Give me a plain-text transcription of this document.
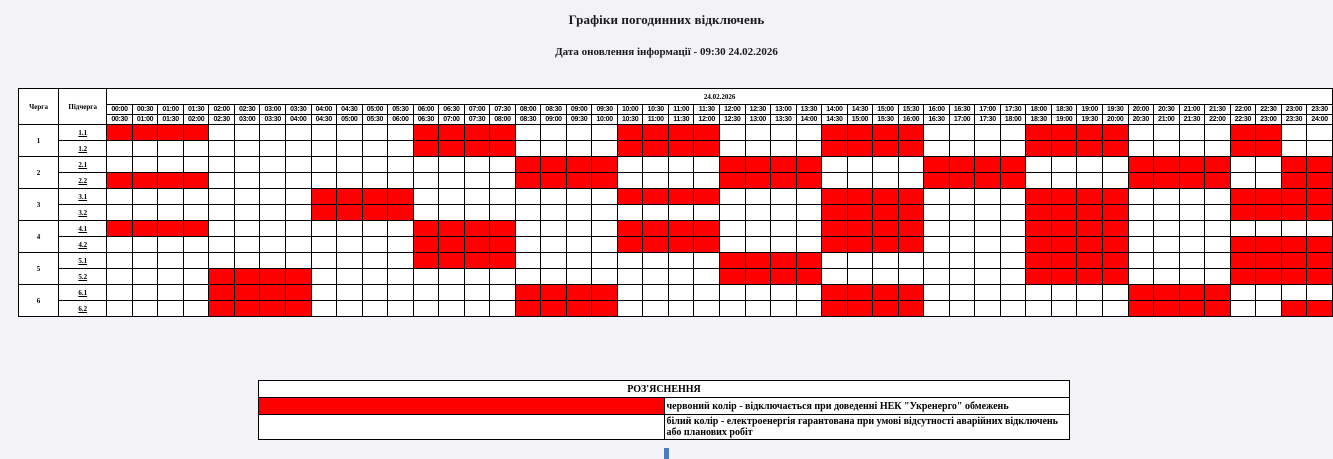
Графіки погодинних відключень
Дата оновлення інформації - 09:30 24.02.2026
Черга	Підчерга	24.02.2026																																															
		00:00	00:30	01:00	01:30	02:00	02:30	03:00	03:30	04:00	04:30	05:00	05:30	06:00	06:30	07:00	07:30	08:00	08:30	09:00	09:30	10:00	10:30	11:00	11:30	12:00	12:30	13:00	13:30	14:00	14:30	15:00	15:30	16:00	16:30	17:00	17:30	18:00	18:30	19:00	19:30	20:00	20:30	21:00	21:30	22:00	22:30	23:00	23:30
		00:30	01:00	01:30	02:00	02:30	03:00	03:30	04:00	04:30	05:00	05:30	06:00	06:30	07:00	07:30	08:00	08:30	09:00	09:30	10:00	10:30	11:00	11:30	12:00	12:30	13:00	13:30	14:00	14:30	15:00	15:30	16:00	16:30	17:00	17:30	18:00	18:30	19:00	19:30	20:00	20:30	21:00	21:30	22:00	22:30	23:00	23:30	24:00
1	1.1																																																
	1.2																																																
2	2.1																																																
	2.2																																																
3	3.1																																																
	3.2																																																
4	4.1																																																
	4.2																																																
5	5.1																																																
	5.2																																																
6	6.1																																																
	6.2																																																
РОЗ'ЯСНЕННЯ	
	червоний колір - відключається при доведенні НЕК "Укренерго" обмежень
	білий колір - електроенергія гарантована при умові відсутності аварійних відключень або планових робіт
